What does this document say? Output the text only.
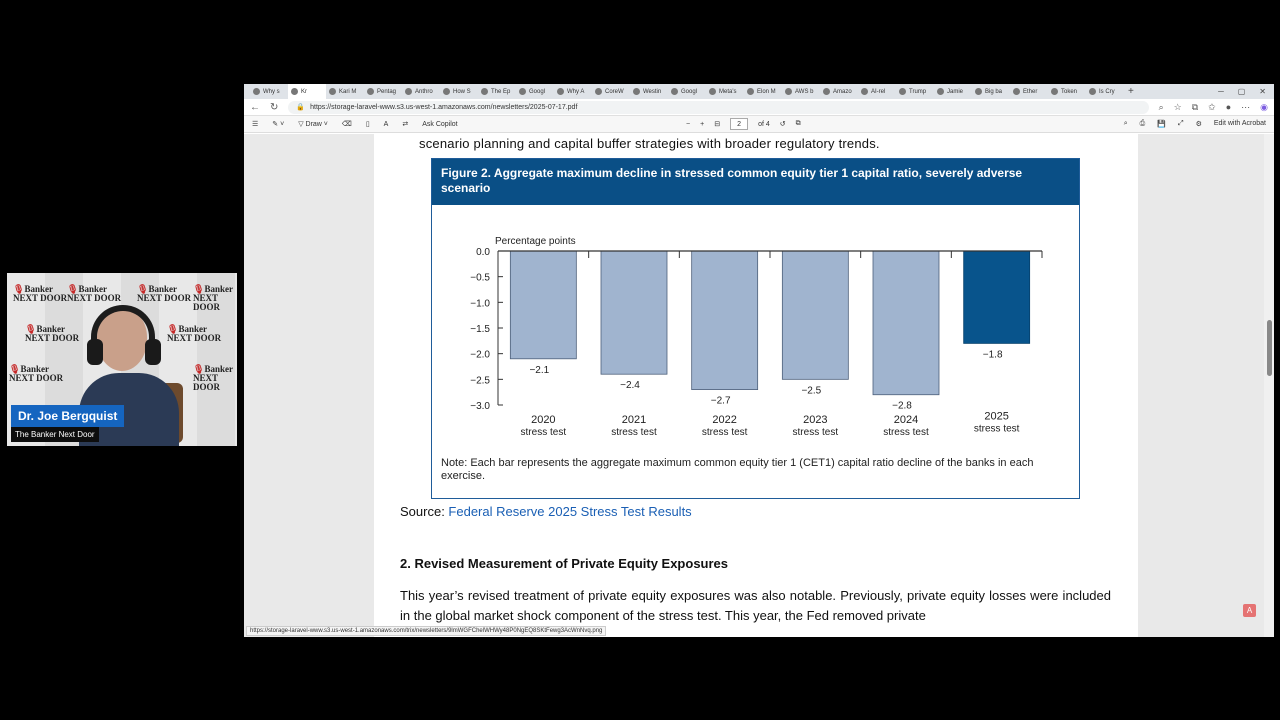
🎙Banker
NEXT DOOR
🎙Banker
NEXT DOOR
🎙Banker
NEXT DOOR
🎙Banker
NEXT DOOR
🎙Banker
NEXT DOOR
🎙Banker
NEXT DOOR
🎙Banker
NEXT DOOR
🎙Banker
NEXT DOOR
Dr. Joe Bergquist
The Banker Next Door
Why s	Kr	Kari M	Pentag	Anthro	How S	The Ep	Googl	Why A	CoreW	Westin	Googl	Meta's	Elon M	AWS b	Amazo	AI-rel	Trump	Jamie	Big ba	Ether	Token	Is Cry +	─ ▢ ✕
← ↻	🔒 https://storage-laravel-www.s3.us-west-1.amazonaws.com/newsletters/2025-07-17.pdf	⌕ ☆ ⧉ ✩ ● ⋯ ◉
☰ ✎ ˅ ▽ Draw ˅ ⌫ ▯ A ⇄ Ask Copilot	− + ⊟	2	of 4 ↺ ⧉	⌕ ⎙ 💾 ⤢ ⚙ Edit with Acrobat
scenario planning and capital buffer strategies with broader regulatory trends.
Figure 2. Aggregate maximum decline in stressed common equity tier 1 capital ratio, severely adverse scenario
Percentage points
0.0
−0.5
−1.0
−1.5
−2.0
−2.5
−3.0
−2.1
2020
stress test
−2.4
2021
stress test
−2.7
2022
stress test
−2.5
2023
stress test
−2.8
2024
stress test
−1.8
2025
stress test
Note: Each bar represents the aggregate maximum common equity tier 1 (CET1) capital ratio decline of the banks in each exercise.
Source: Federal Reserve 2025 Stress Test Results
2. Revised Measurement of Private Equity Exposures
This year’s revised treatment of private equity exposures was also notable. Previously, private equity losses were included in the global market shock component of the stress test. This year, the Fed removed private	A
https://storage-laravel-www.s3.us-west-1.amazonaws.com/trix/newsletters/9lmWGFChelWHWy48P0NgEQ8SKtFewg3AcWnNvq.png
